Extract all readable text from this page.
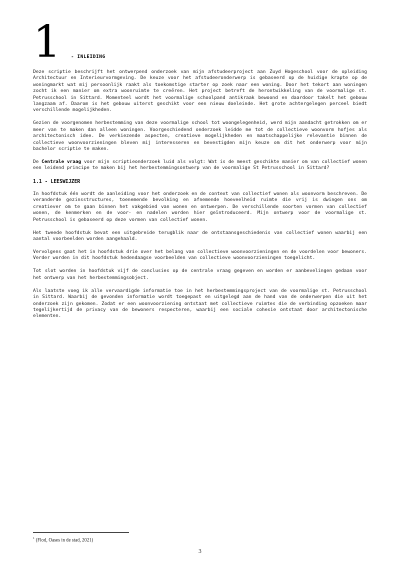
1 - INLEIDING

Deze scriptie beschrijft het ontwerpend onderzoek van mijn afstudeerproject aan Zuyd Hogeschool voor de opleiding Architectuur en Interieurvormgeving. De keuze voor het afstudeeronderwerp is gebaseerd op de huidige krapte op de woningmarkt wat mij persoonlijk raakt als toekomstige starter op zoek naar een woning. Door het tekort aan woningen zocht ik een manier om extra woonruimte te creëren. Het project betreft de herontwikkeling van de voormalige st. Petrusschool in Sittard. Momenteel wordt het voormalige schoolpand antikraak bewoond en daardoor takelt het gebouw langzaam af. Daarom is het gebouw uiterst geschikt voor een nieuw doeleinde. Het grote achtergelegen perceel biedt verschillende mogelijkheden.

Gezien de voorgenomen herbestemming van deze voormalige school tot woongelegenheid, werd mijn aandacht getrokken om er meer van te maken dan alleen woningen. Voorgeschiedend onderzoek leidde me tot de collectieve woonvorm hofjes als architectonisch idee. De verkiezende aspecten, creatieve mogelijkheden en maatschappelijke relevantie binnen de collectieve woonvoorzieningen bleven mij interesseren en bevestigden mijn keuze om dit het onderwerp voor mijn bachelor scriptie te maken.

De Centrale vraag voor mijn scriptieonderzoek luid als volgt: Wat is de meest geschikte manier om van collectief wonen een leidend principe te maken bij het herbestemmingsontwerp van de voormalige St Petrusschool in Sittard?

1.1 - LEESWIJZER

In hoofdstuk één wordt de aanleiding voor het onderzoek en de context van collectief wonen als woonvorm beschreven. De veranderde gezinsstructures, toenemende bevolking en afnemende hoeveelheid ruimte die vrij is dwingen ons om creatiever om te gaan binnen het vakgebied van wonen en ontwerpen. De verschillende soorten vormen van collectief wonen, de kenmerken en de voor- en nadelen worden hier geïntroduceerd. Mijn ontwerp voor de voormalige st. Petrusschool is gebaseerd op deze vormen van collectief wonen.

Het tweede hoofdstuk bevat een uitgebreide terugblik naar de ontstaansgeschiedenis van collectief wonen waarbij een aantal voorbeelden worden aangehaald.

Vervolgens gaat het in hoofdstuk drie over het belang van collectieve woonvoorzieningen en de voordelen voor bewoners. Verder worden in dit hoofdstuk hedendaagse voorbeelden van collectieve woonvoorzieningen toegelicht.

Tot slot worden in hoofdstuk vijf de conclusies op de centrale vraag gegeven en worden er aanbevelingen gedaan voor het ontwerp van het herbestemmingsobject.

Als laatste voeg ik alle vervaardigde informatie toe in het herbestemmingsproject van de voormalige st. Petrusschool in Sittard. Waarbij de gevonden informatie wordt toegepast en uitgelegd aan de hand van de onderwerpen die uit het onderzoek zijn gekomen. Zodat er een woonvoorziening ontstaat met collectieve ruimtes die de verbinding opzoeken maar tegelijkertijd de privacy van de bewoners respecteren, waarbij een sociale cohesie ontstaat door architectonische elementen.

$^1$ (Flod, Oases in de stad, 2021)
3
